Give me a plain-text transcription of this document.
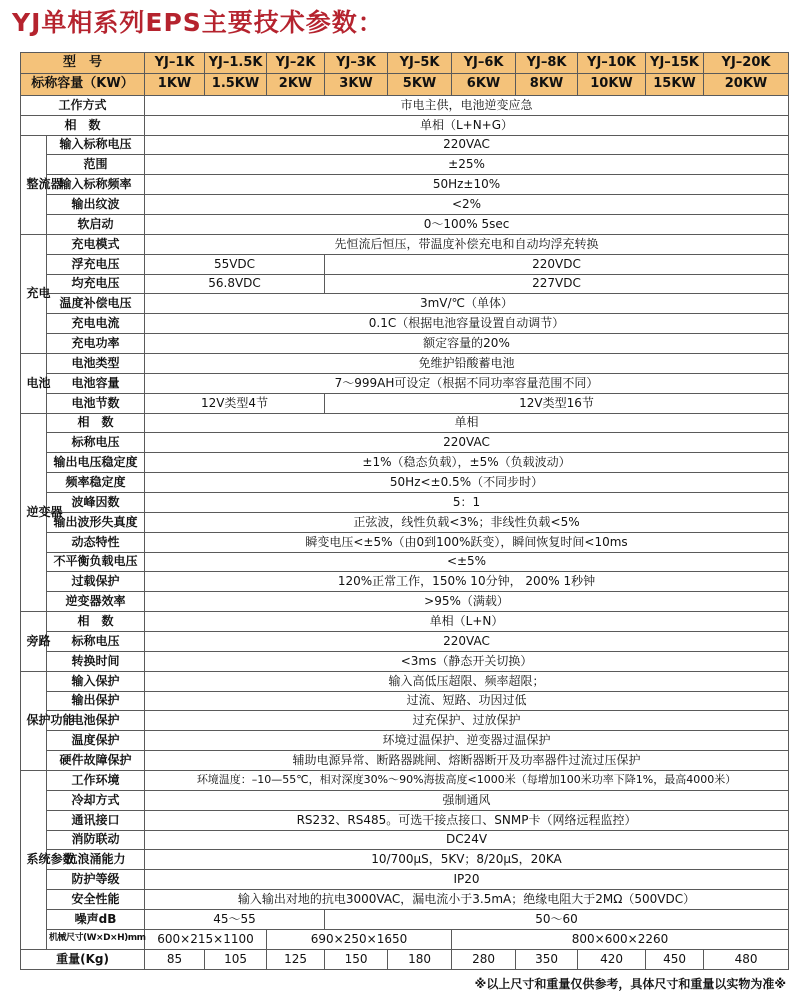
YJ单相系列EPS主要技术参数：
型　号		YJ–1K	YJ–1.5K	YJ–2K	YJ–3K	YJ–5K	YJ–6K	YJ–8K	YJ–10K	YJ–15K	YJ–20K
标称容量（KW）		1KW	1.5KW	2KW	3KW	5KW	6KW	8KW	10KW	15KW	20KW
工作方式		市电主供，电池逆变应急									
相　数		单相（L+N+G）									
整流器	输入标称电压	220VAC									
	范围	±25%									
	输入标称频率	50Hz±10%									
	输出纹波	<2%									
	软启动	0～100% 5sec									
充电	充电模式	先恒流后恒压，带温度补偿充电和自动均浮充转换									
	浮充电压	55VDC			220VDC						
	均充电压	56.8VDC			227VDC						
	温度补偿电压	3mV/℃（单体）									
	充电电流	0.1C（根据电池容量设置自动调节）									
	充电功率	额定容量的20%									
电池	电池类型	免维护铅酸蓄电池									
	电池容量	7～999AH可设定（根据不同功率容量范围不同）									
	电池节数	12V类型4节			12V类型16节						
逆变器	相　数	单相									
	标称电压	220VAC									
	输出电压稳定度	±1%（稳态负载），±5%（负载波动）									
	频率稳定度	50Hz<±0.5%（不同步时）									
	波峰因数	5：1									
	输出波形失真度	正弦波，线性负载<3%；非线性负载<5%									
	动态特性	瞬变电压<±5%（由0到100%跃变），瞬间恢复时间<10ms									
	不平衡负载电压	<±5%									
	过载保护	120%正常工作，150% 10分钟， 200% 1秒钟									
	逆变器效率	>95%（满载）									
旁路	相　数	单相（L+N）									
	标称电压	220VAC									
	转换时间	<3ms（静态开关切换）									
保护功能	输入保护	输入高低压超限、频率超限；									
	输出保护	过流、短路、功因过低									
	电池保护	过充保护、过放保护									
	温度保护	环境过温保护、逆变器过温保护									
	硬件故障保护	辅助电源异常、断路器跳闸、熔断器断开及功率器件过流过压保护									
系统参数	工作环境	环境温度：–10—55℃，相对深度30%～90%海拔高度<1000米（每增加100米功率下降1%，最高4000米）									
	冷却方式	强制通风									
	通讯接口	RS232、RS485。可选干接点接口、SNMP卡（网络远程监控）									
	消防联动	DC24V									
	抗浪涌能力	10/700μS，5KV；8/20μS，20KA									
	防护等级	IP20									
	安全性能	输入输出对地的抗电3000VAC，漏电流小于3.5mA；绝缘电阻大于2MΩ（500VDC）									
	噪声dB	45～55			50～60						
	机械尺寸(W×D×H)mm	600×215×1100		690×250×1650			800×600×2260				
重量(Kg)		85	105	125	150	180	280	350	420	450	480
※以上尺寸和重量仅供参考，具体尺寸和重量以实物为准※
